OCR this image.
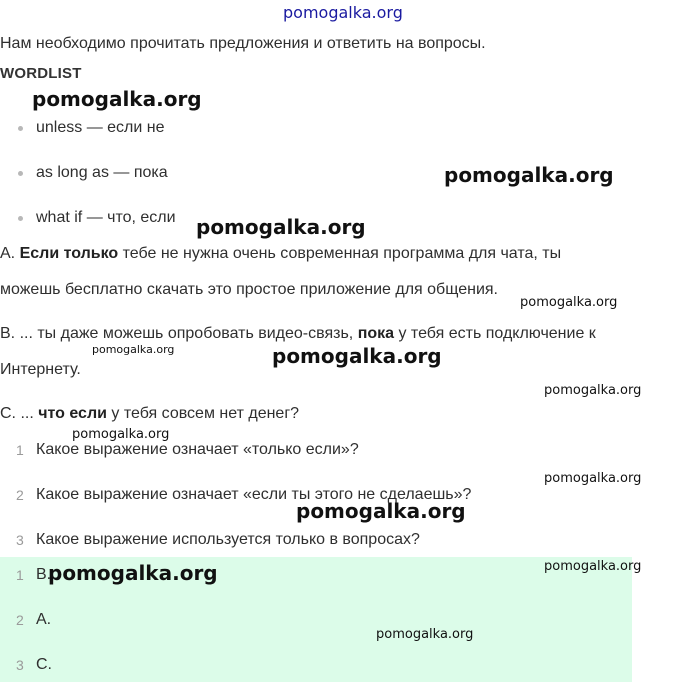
pomogalka.org
Нам необходимо прочитать предложения и ответить на вопросы.
WORDLIST
pomogalka.org
unless — если не
as long as — пока
what if — что, если
pomogalka.org
pomogalka.org
A. Если только тебе не нужна очень современная программа для чата, ты
можешь бесплатно скачать это простое приложение для общения.
pomogalka.org
B. ... ты даже можешь опробовать видео-связь, пока у тебя есть подключение к
pomogalka.org	pomogalka.org
Интернету.
pomogalka.org
C. ... что если у тебя совсем нет денег?
pomogalka.org
1 Какое выражение означает «только если»?
2 Какое выражение означает «если ты этого не сделаешь»?
3 Какое выражение используется только в вопросах?
pomogalka.org
pomogalka.org
1 B.
2 A.
3 C.
pomogalka.org	pomogalka.org
pomogalka.org
